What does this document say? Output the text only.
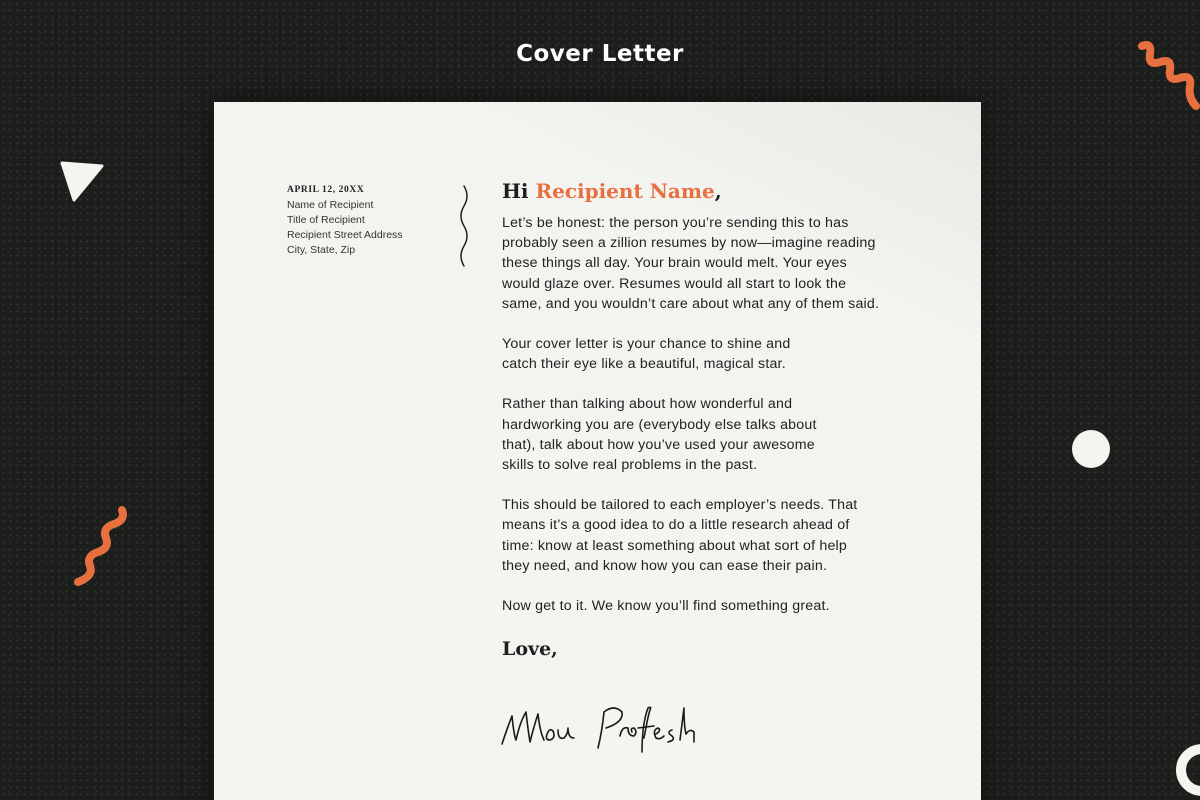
Cover Letter
APRIL 12, 20XX
Name of Recipient
Title of Recipient
Recipient Street Address
City, State, Zip
Hi Recipient Name,

Let’s be honest: the person you’re sending this to has
probably seen a zillion resumes by now—imagine reading
these things all day. Your brain would melt. Your eyes
would glaze over. Resumes would all start to look the
same, and you wouldn’t care about what any of them said.

Your cover letter is your chance to shine and
catch their eye like a beautiful, magical star.

Rather than talking about how wonderful and
hardworking you are (everybody else talks about
that), talk about how you’ve used your awesome
skills to solve real problems in the past.

This should be tailored to each employer’s needs. That
means it’s a good idea to do a little research ahead of
time: know at least something about what sort of help
they need, and know how you can ease their pain.

Now get to it. We know you’ll find something great.

Love,
